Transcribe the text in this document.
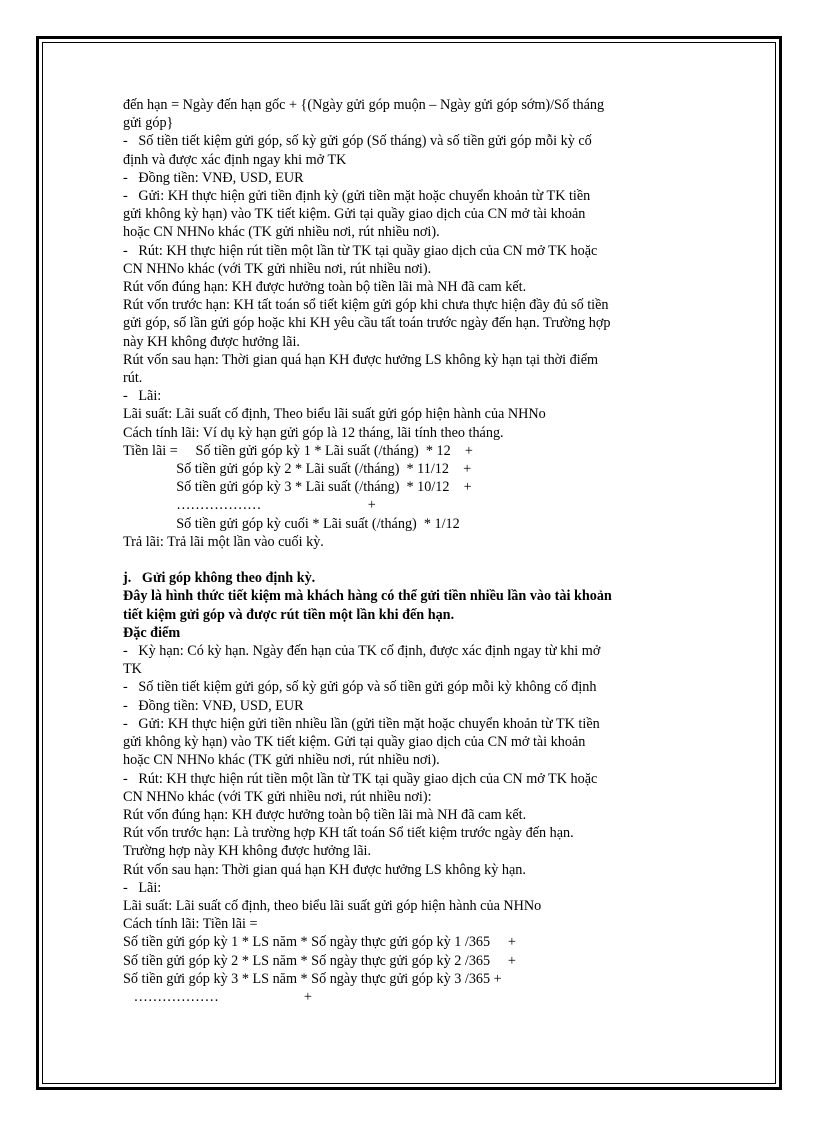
đến hạn = Ngày đến hạn gốc + {(Ngày gửi góp muộn – Ngày gửi góp sớm)/Số tháng
gửi góp}
-   Số tiền tiết kiệm gửi góp, số kỳ gửi góp (Số tháng) và số tiền gửi góp mỗi kỳ cố
định và được xác định ngay khi mở TK
-   Đồng tiền: VNĐ, USD, EUR
-   Gửi: KH thực hiện gửi tiền định kỳ (gửi tiền mặt hoặc chuyển khoản từ TK tiền
gửi không kỳ hạn) vào TK tiết kiệm. Gửi tại quầy giao dịch của CN mở tài khoản
hoặc CN NHNo khác (TK gửi nhiều nơi, rút nhiều nơi).
-   Rút: KH thực hiện rút tiền một lần từ TK tại quầy giao dịch của CN mở TK hoặc
CN NHNo khác (với TK gửi nhiều nơi, rút nhiều nơi).
Rút vốn đúng hạn: KH được hưởng toàn bộ tiền lãi mà NH đã cam kết.
Rút vốn trước hạn: KH tất toán sổ tiết kiệm gửi góp khi chưa thực hiện đầy đủ số tiền
gửi góp, số lần gửi góp hoặc khi KH yêu cầu tất toán trước ngày đến hạn. Trường hợp
này KH không được hưởng lãi.
Rút vốn sau hạn: Thời gian quá hạn KH được hưởng LS không kỳ hạn tại thời điểm
rút.
-   Lãi:
Lãi suất: Lãi suất cố định, Theo biểu lãi suất gửi góp hiện hành của NHNo
Cách tính lãi: Ví dụ kỳ hạn gửi góp là 12 tháng, lãi tính theo tháng.
Tiền lãi =     Số tiền gửi góp kỳ 1 * Lãi suất (/tháng)  * 12    +
Số tiền gửi góp kỳ 2 * Lãi suất (/tháng)  * 11/12    +
Số tiền gửi góp kỳ 3 * Lãi suất (/tháng)  * 10/12    +
………………                              +
Số tiền gửi góp kỳ cuối * Lãi suất (/tháng)  * 1/12
Trả lãi: Trả lãi một lần vào cuối kỳ.
j.   Gửi góp không theo định kỳ.
Đây là hình thức tiết kiệm mà khách hàng có thể gửi tiền nhiều lần vào tài khoản
tiết kiệm gửi góp và được rút tiền một lần khi đến hạn.
Đặc điểm
-   Kỳ hạn: Có kỳ hạn. Ngày đến hạn của TK cố định, được xác định ngay từ khi mở
TK
-   Số tiền tiết kiệm gửi góp, số kỳ gửi góp và số tiền gửi góp mỗi kỳ không cố định
-   Đồng tiền: VNĐ, USD, EUR
-   Gửi: KH thực hiện gửi tiền nhiều lần (gửi tiền mặt hoặc chuyển khoản từ TK tiền
gửi không kỳ hạn) vào TK tiết kiệm. Gửi tại quầy giao dịch của CN mở tài khoản
hoặc CN NHNo khác (TK gửi nhiều nơi, rút nhiều nơi).
-   Rút: KH thực hiện rút tiền một lần từ TK tại quầy giao dịch của CN mở TK hoặc
CN NHNo khác (với TK gửi nhiều nơi, rút nhiều nơi):
Rút vốn đúng hạn: KH được hưởng toàn bộ tiền lãi mà NH đã cam kết.
Rút vốn trước hạn: Là trường hợp KH tất toán Sổ tiết kiệm trước ngày đến hạn.
Trường hợp này KH không được hưởng lãi.
Rút vốn sau hạn: Thời gian quá hạn KH được hưởng LS không kỳ hạn.
-   Lãi:
Lãi suất: Lãi suất cố định, theo biểu lãi suất gửi góp hiện hành của NHNo
Cách tính lãi: Tiền lãi =
Số tiền gửi góp kỳ 1 * LS năm * Số ngày thực gửi góp kỳ 1 /365     +
Số tiền gửi góp kỳ 2 * LS năm * Số ngày thực gửi góp kỳ 2 /365     +
Số tiền gửi góp kỳ 3 * LS năm * Số ngày thực gửi góp kỳ 3 /365 +
………………                        +
